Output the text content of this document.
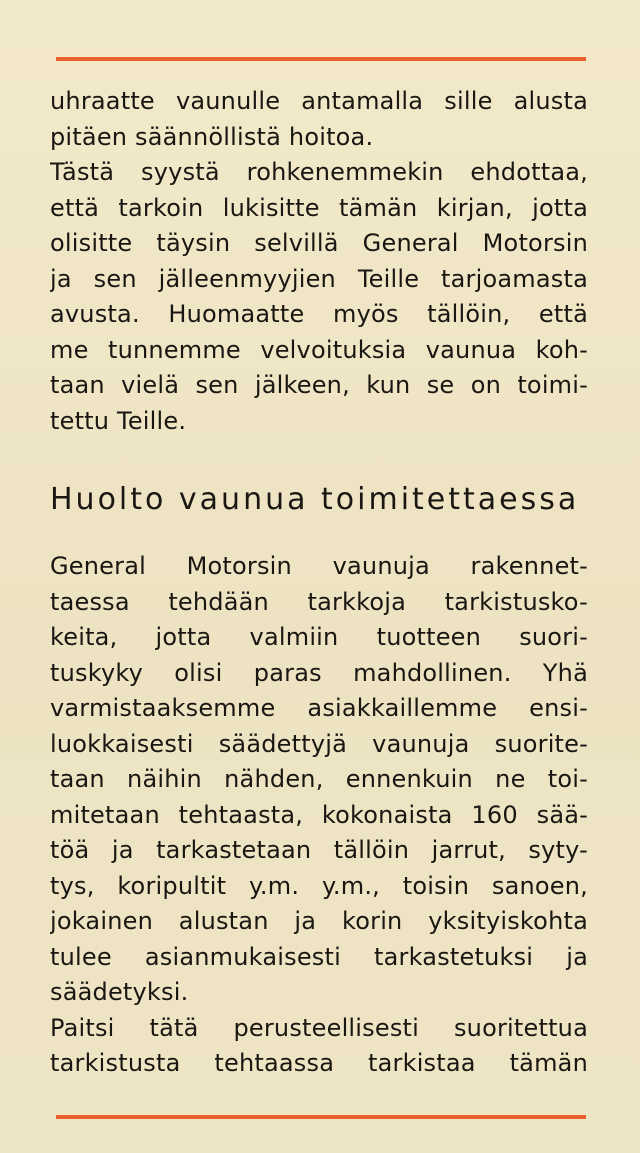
uhraatte vaunulle antamalla sille alusta
pitäen säännöllistä hoitoa.
Tästä syystä rohkenemmekin ehdottaa,
että tarkoin lukisitte tämän kirjan, jotta
olisitte täysin selvillä General Motorsin
ja sen jälleenmyyjien Teille tarjoamasta
avusta. Huomaatte myös tällöin, että
me tunnemme velvoituksia vaunua koh-
taan vielä sen jälkeen, kun se on toimi-
tettu Teille.
Huolto vaunua toimitettaessa
General Motorsin vaunuja rakennet-
taessa tehdään tarkkoja tarkistusko-
keita, jotta valmiin tuotteen suori-
tuskyky olisi paras mahdollinen. Yhä
varmistaaksemme asiakkaillemme ensi-
luokkaisesti säädettyjä vaunuja suorite-
taan näihin nähden, ennenkuin ne toi-
mitetaan tehtaasta, kokonaista 160 sää-
töä ja tarkastetaan tällöin jarrut, syty-
tys, koripultit y.m. y.m., toisin sanoen,
jokainen alustan ja korin yksityiskohta
tulee asianmukaisesti tarkastetuksi ja
säädetyksi.
Paitsi tätä perusteellisesti suoritettua
tarkistusta tehtaassa tarkistaa tämän
